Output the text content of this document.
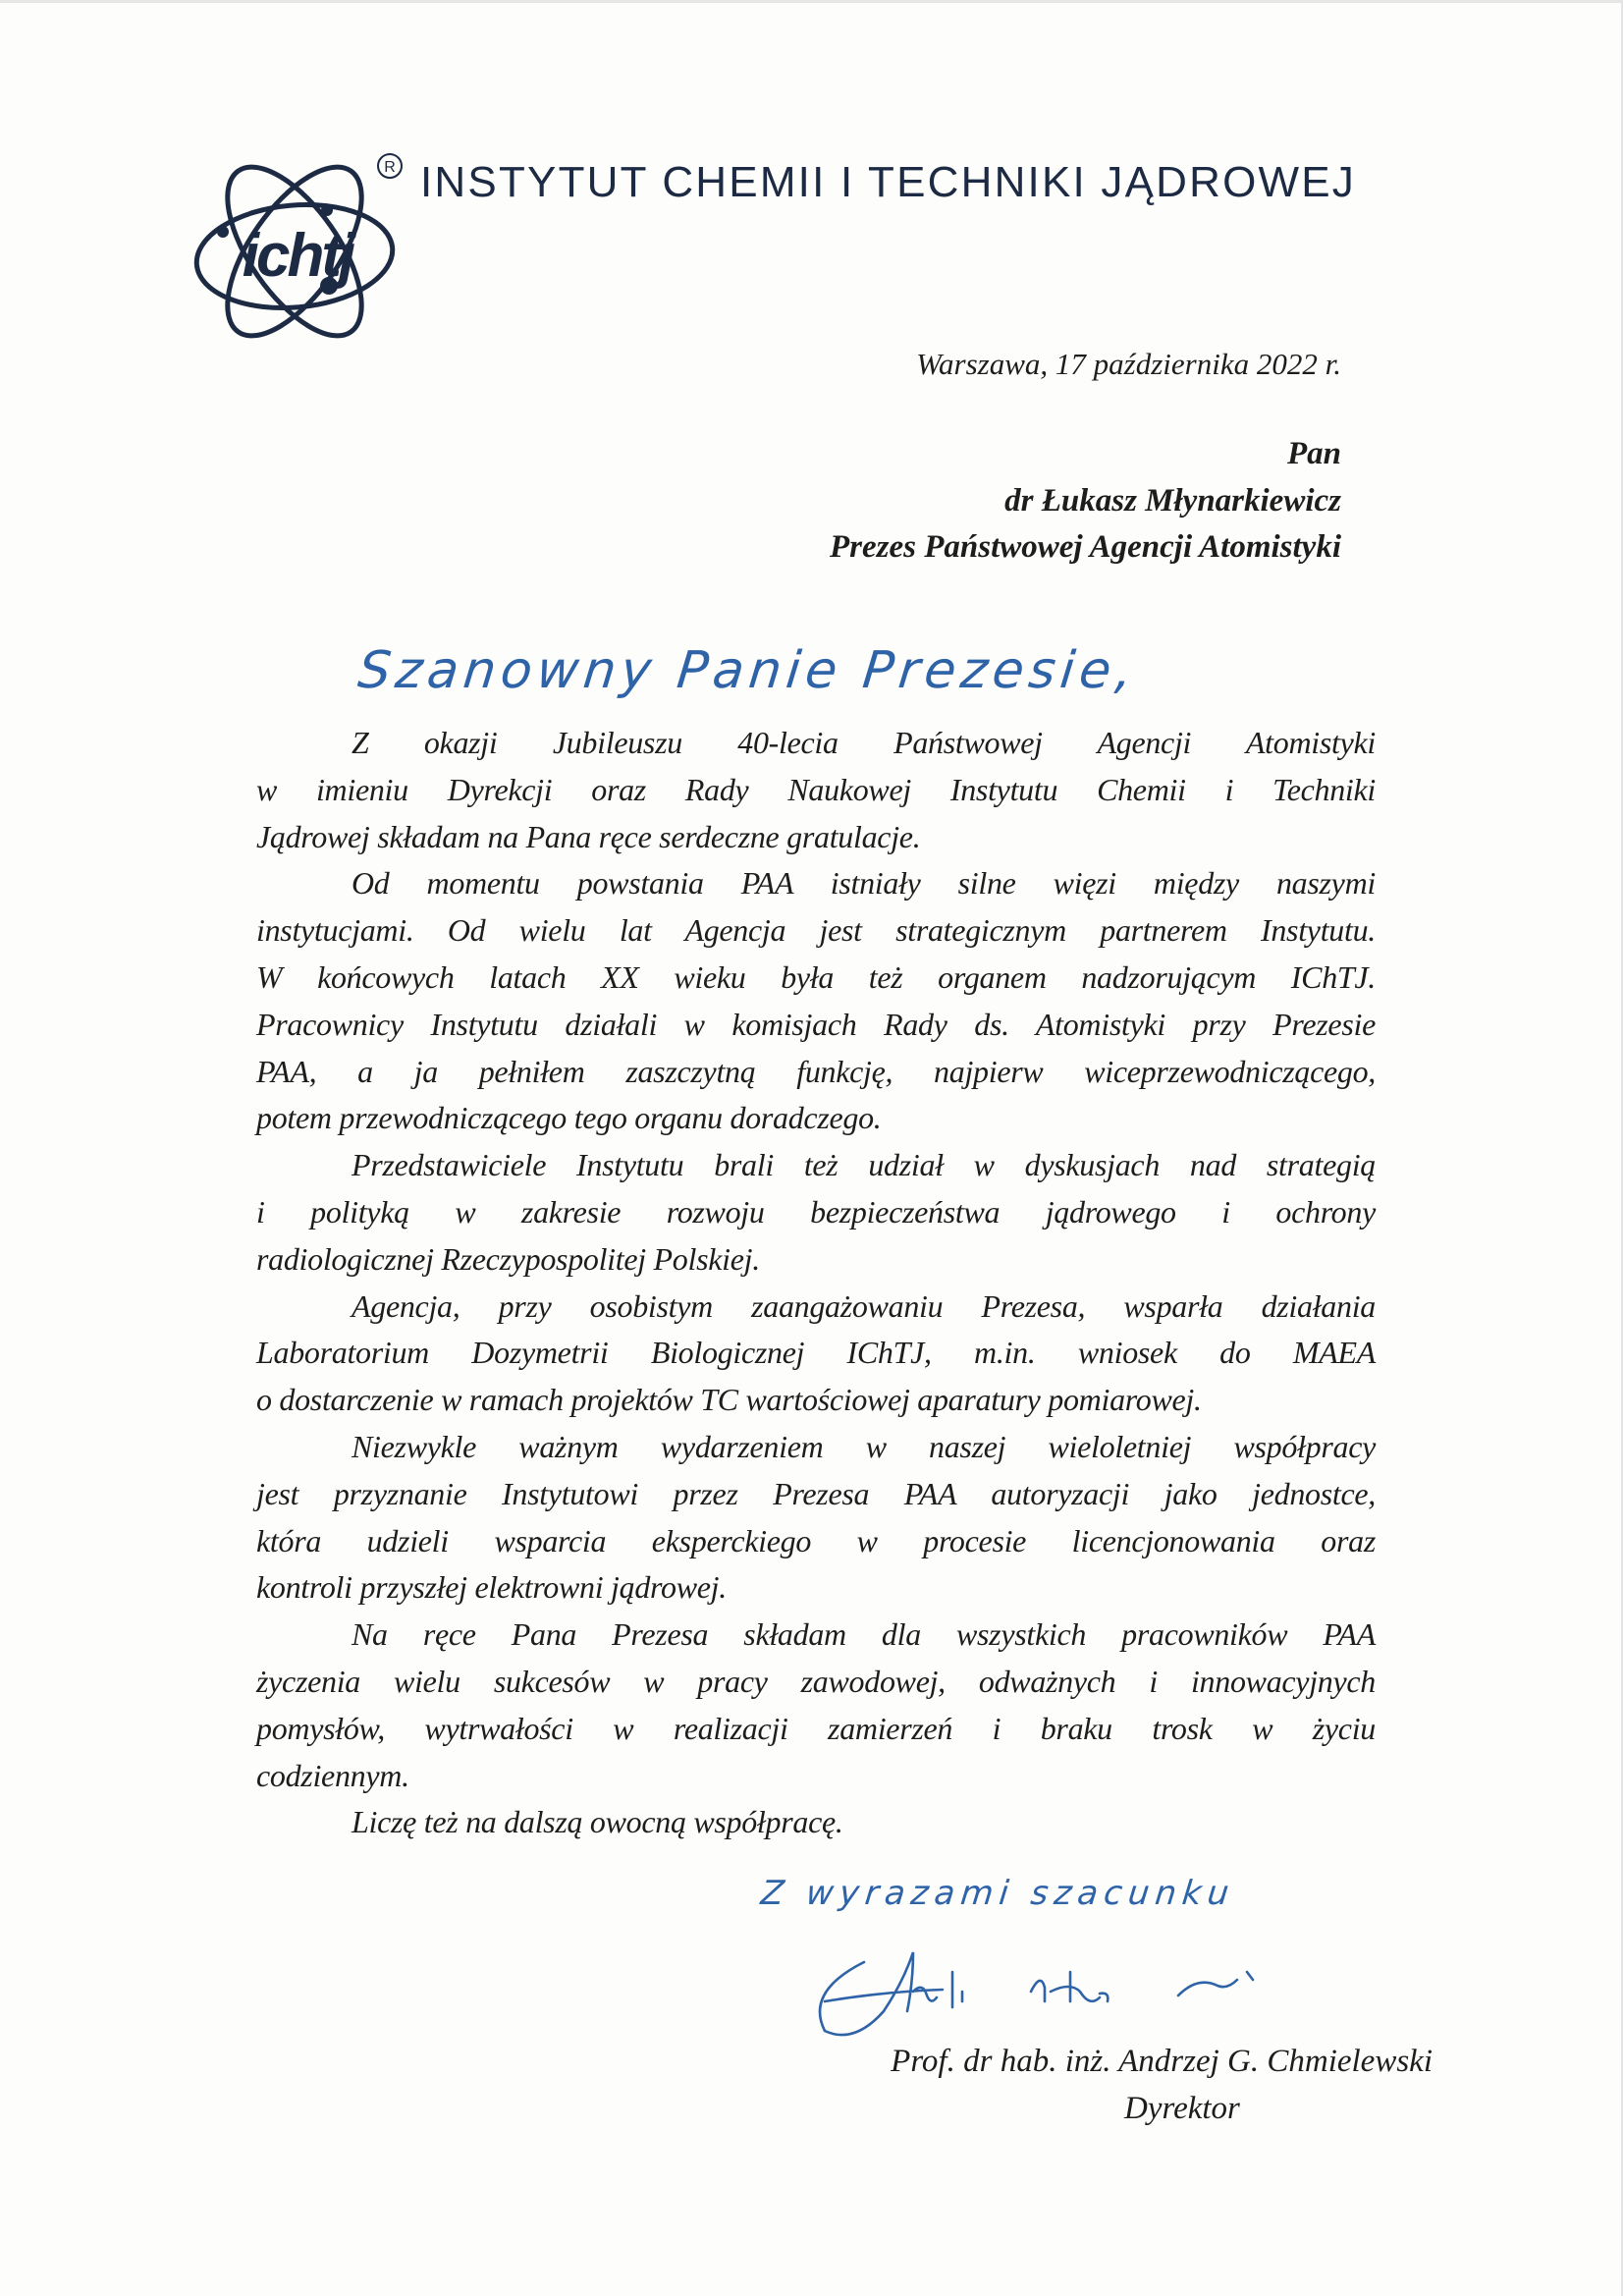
ichtj
R INSTYTUT CHEMII I TECHNIKI JĄDROWEJ
Warszawa, 17 października 2022 r.
Pan
dr Łukasz Młynarkiewicz
Prezes Państwowej Agencji Atomistyki
Szanowny Panie Prezesie,

Z okazji Jubileuszu 40-lecia Państwowej Agencji Atomistyki
w imieniu Dyrekcji oraz Rady Naukowej Instytutu Chemii i Techniki
Jądrowej składam na Pana ręce serdeczne gratulacje.

Od momentu powstania PAA istniały silne więzi między naszymi
instytucjami. Od wielu lat Agencja jest strategicznym partnerem Instytutu.
W końcowych latach XX wieku była też organem nadzorującym IChTJ.
Pracownicy Instytutu działali w komisjach Rady ds. Atomistyki przy Prezesie
PAA, a ja pełniłem zaszczytną funkcję, najpierw wiceprzewodniczącego,
potem przewodniczącego tego organu doradczego.

Przedstawiciele Instytutu brali też udział w dyskusjach nad strategią
i polityką w zakresie rozwoju bezpieczeństwa jądrowego i ochrony
radiologicznej Rzeczypospolitej Polskiej.

Agencja, przy osobistym zaangażowaniu Prezesa, wsparła działania
Laboratorium Dozymetrii Biologicznej IChTJ, m.in. wniosek do MAEA
o dostarczenie w ramach projektów TC wartościowej aparatury pomiarowej.

Niezwykle ważnym wydarzeniem w naszej wieloletniej współpracy
jest przyznanie Instytutowi przez Prezesa PAA autoryzacji jako jednostce,
która udzieli wsparcia eksperckiego w procesie licencjonowania oraz
kontroli przyszłej elektrowni jądrowej.

Na ręce Pana Prezesa składam dla wszystkich pracowników PAA
życzenia wielu sukcesów w pracy zawodowej, odważnych i innowacyjnych
pomysłów, wytrwałości w realizacji zamierzeń i braku trosk w życiu
codziennym.

Liczę też na dalszą owocną współpracę.

Z wyrazami szacunku
Prof. dr hab. inż. Andrzej G. Chmielewski
Dyrektor
